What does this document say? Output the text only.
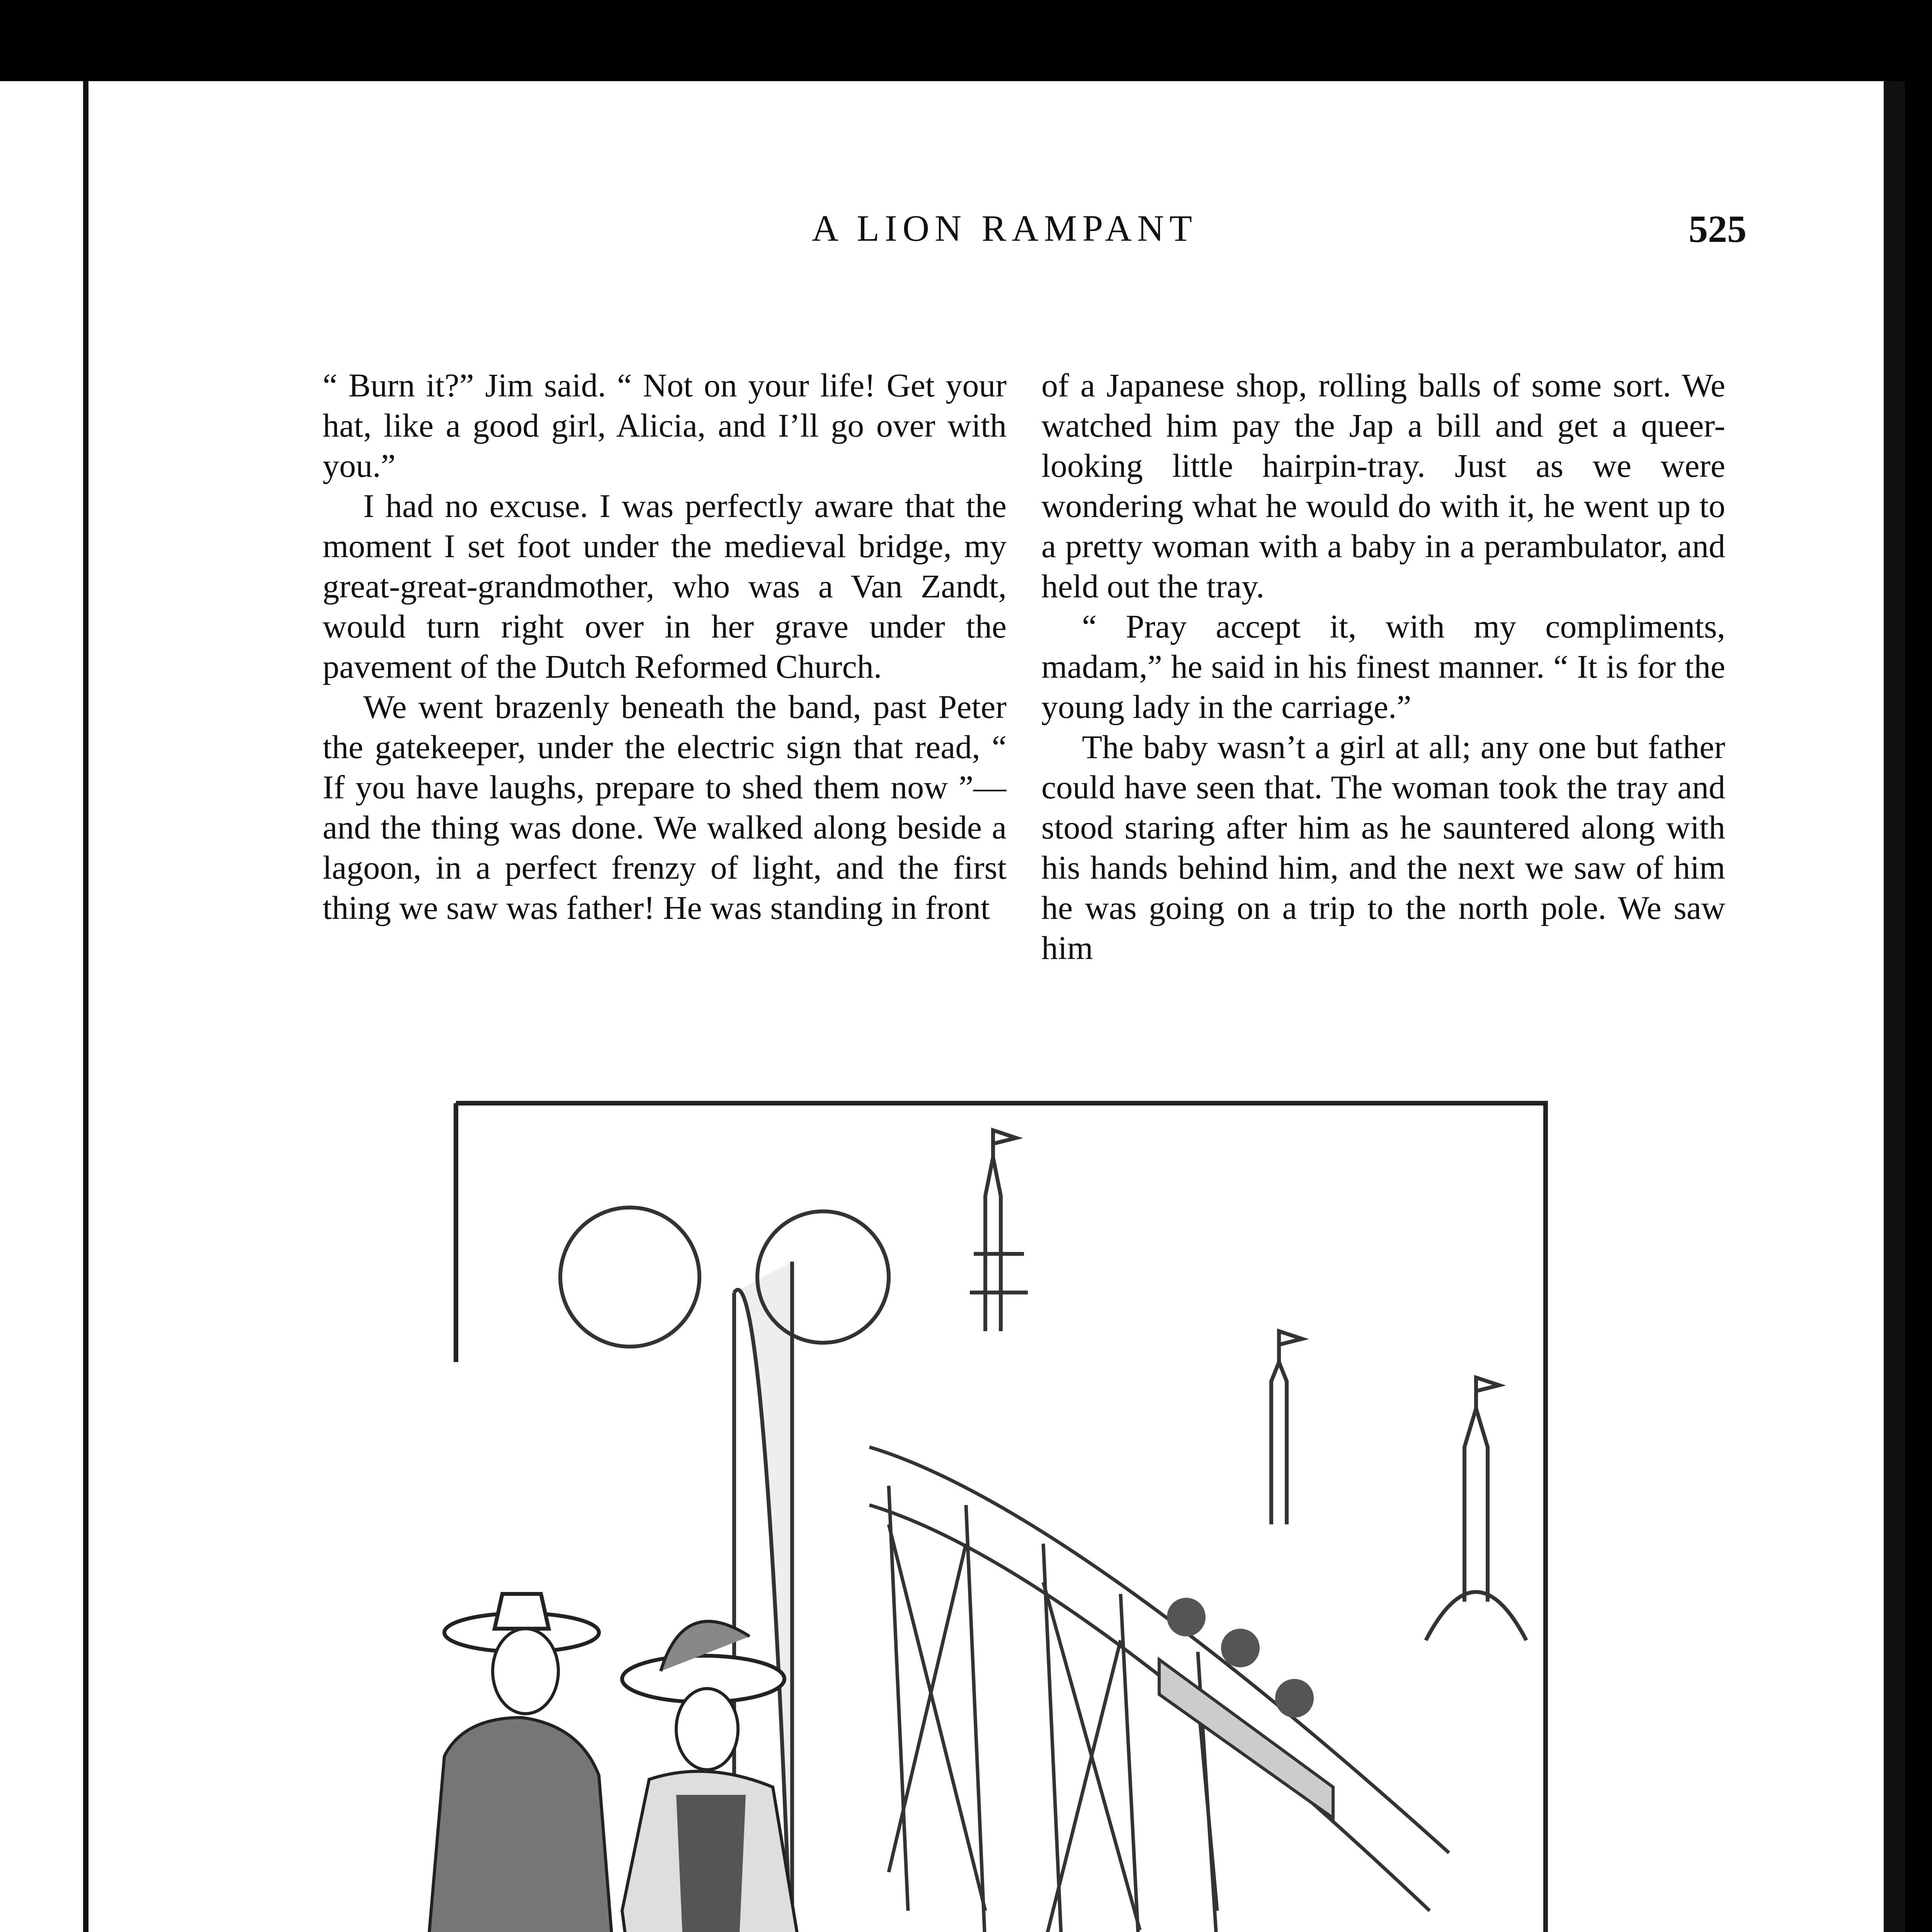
A LION RAMPANT	525

“ Burn it?” Jim said. “ Not on your life! Get your hat, like a good girl, Alicia, and I’ll go over with you.”

I had no excuse. I was perfectly aware that the moment I set foot under the medieval bridge, my great-great-grandmother, who was a Van Zandt, would turn right over in her grave under the pavement of the Dutch Reformed Church.

We went brazenly beneath the band, past Peter the gatekeeper, under the electric sign that read, “ If you have laughs, prepare to shed them now ”— and the thing was done. We walked along beside a lagoon, in a perfect frenzy of light, and the first thing we saw was father! He was standing in front

of a Japanese shop, rolling balls of some sort. We watched him pay the Jap a bill and get a queer-looking little hairpin-tray. Just as we were wondering what he would do with it, he went up to a pretty woman with a baby in a perambulator, and held out the tray.

“ Pray accept it, with my compliments, madam,” he said in his finest manner. “ It is for the young lady in the carriage.”

The baby wasn’t a girl at all; any one but father could have seen that. The woman took the tray and stood staring after him as he sauntered along with his hands behind him, and the next we saw of him he was going on a trip to the north pole. We saw him
